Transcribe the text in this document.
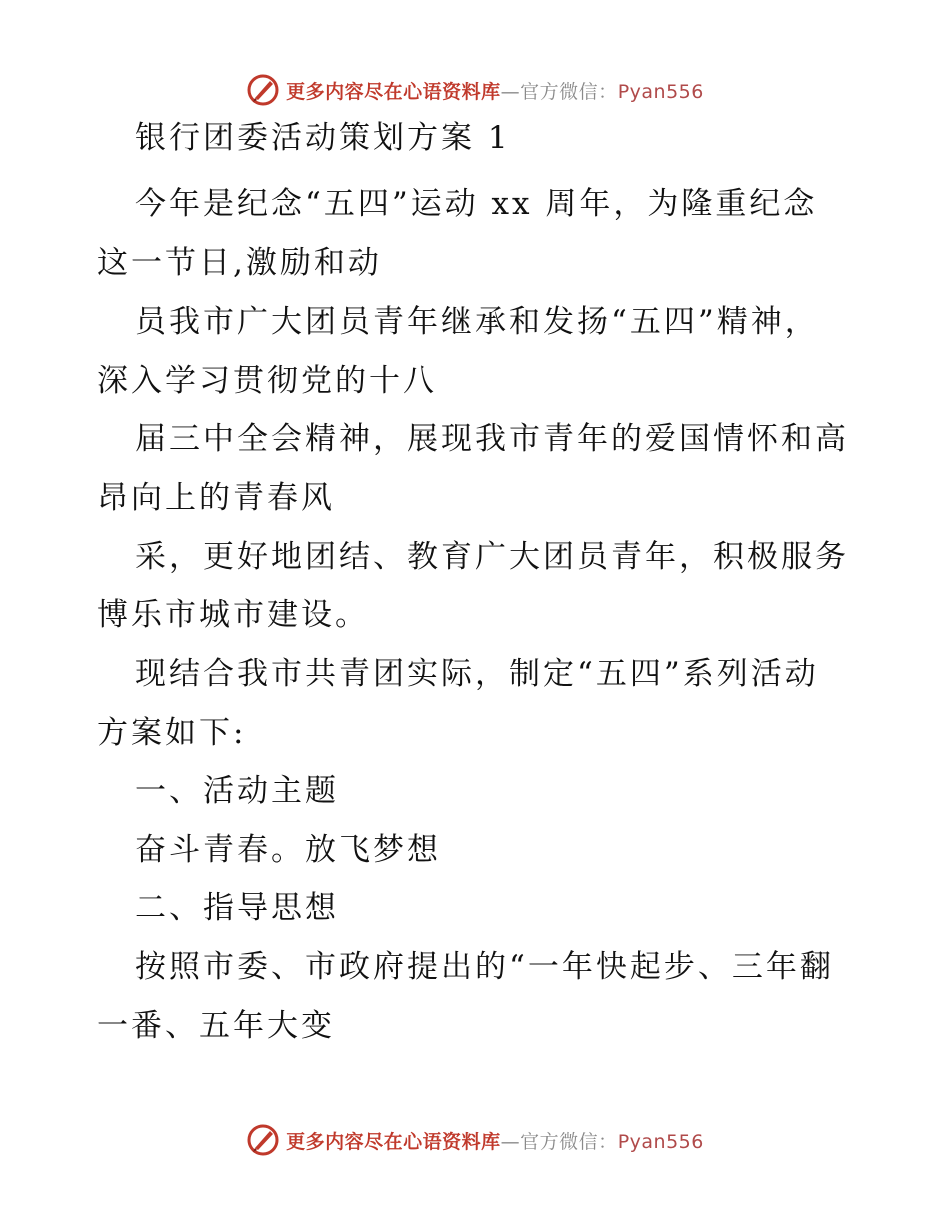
更多内容尽在心语资料库—官方微信：Pyan556
银行团委活动策划方案 1
今年是纪念“五四”运动 xx 周年，为隆重纪念
这一节日,激励和动
员我市广大团员青年继承和发扬“五四”精神，
深入学习贯彻党的十八
届三中全会精神，展现我市青年的爱国情怀和高
昂向上的青春风
采，更好地团结、教育广大团员青年，积极服务
博乐市城市建设。
现结合我市共青团实际，制定“五四”系列活动
方案如下:
一、活动主题
奋斗青春。放飞梦想
二、指导思想
按照市委、市政府提出的“一年快起步、三年翻
一番、五年大变
更多内容尽在心语资料库—官方微信：Pyan556
